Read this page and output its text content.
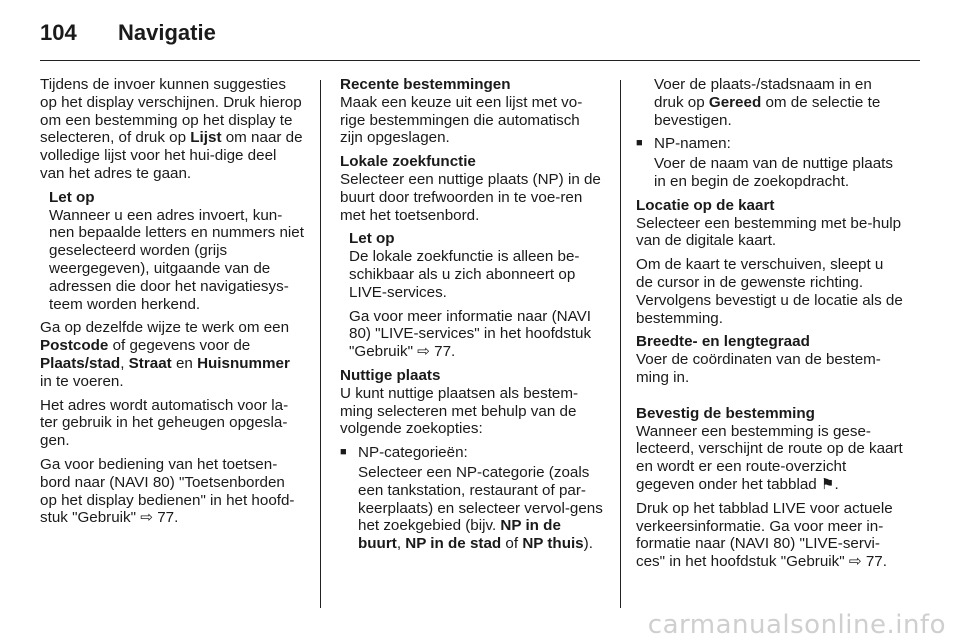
104	Navigatie

Tijdens de invoer kunnen suggesties op het display verschijnen. Druk hierop om een bestemming op het display te selecteren, of druk op Lijst om naar de volledige lijst voor het hui-dige deel van het adres te gaan.

Let op

Wanneer u een adres invoert, kun-nen bepaalde letters en nummers niet geselecteerd worden (grijs weergegeven), uitgaande van de adressen die door het navigatiesys-teem worden herkend.

Ga op dezelfde wijze te werk om een Postcode of gegevens voor de Plaats/stad, Straat en Huisnummer in te voeren.

Het adres wordt automatisch voor la-ter gebruik in het geheugen opgesla-gen.

Ga voor bediening van het toetsen-bord naar (NAVI 80) "Toetsenborden op het display bedienen" in het hoofd-stuk "Gebruik" ⇨ 77.

Recente bestemmingen

Maak een keuze uit een lijst met vo-rige bestemmingen die automatisch zijn opgeslagen.

Lokale zoekfunctie

Selecteer een nuttige plaats (NP) in de buurt door trefwoorden in te voe-ren met het toetsenbord.

Let op

De lokale zoekfunctie is alleen be-schikbaar als u zich abonneert op LIVE-services.

Ga voor meer informatie naar (NAVI 80) "LIVE-services" in het hoofdstuk "Gebruik" ⇨ 77.

Nuttige plaats

U kunt nuttige plaatsen als bestem-ming selecteren met behulp van de volgende zoekopties:

■ NP-categorieën:

Selecteer een NP-categorie (zoals een tankstation, restaurant of par-keerplaats) en selecteer vervol-gens het zoekgebied (bijv. NP in de buurt, NP in de stad of NP thuis).

Voer de plaats-/stadsnaam in en druk op Gereed om de selectie te bevestigen.

■ NP-namen:

Voer de naam van de nuttige plaats in en begin de zoekopdracht.

Locatie op de kaart

Selecteer een bestemming met be-hulp van de digitale kaart.

Om de kaart te verschuiven, sleept u de cursor in de gewenste richting. Vervolgens bevestigt u de locatie als de bestemming.

Breedte- en lengtegraad

Voer de coördinaten van de bestem-ming in.

Bevestig de bestemming

Wanneer een bestemming is gese-lecteerd, verschijnt de route op de kaart en wordt er een route-overzicht gegeven onder het tabblad ⚑.

Druk op het tabblad LIVE voor actuele verkeersinformatie. Ga voor meer in-formatie naar (NAVI 80) "LIVE-servi-ces" in het hoofdstuk "Gebruik" ⇨ 77.

carmanualsonline.info
